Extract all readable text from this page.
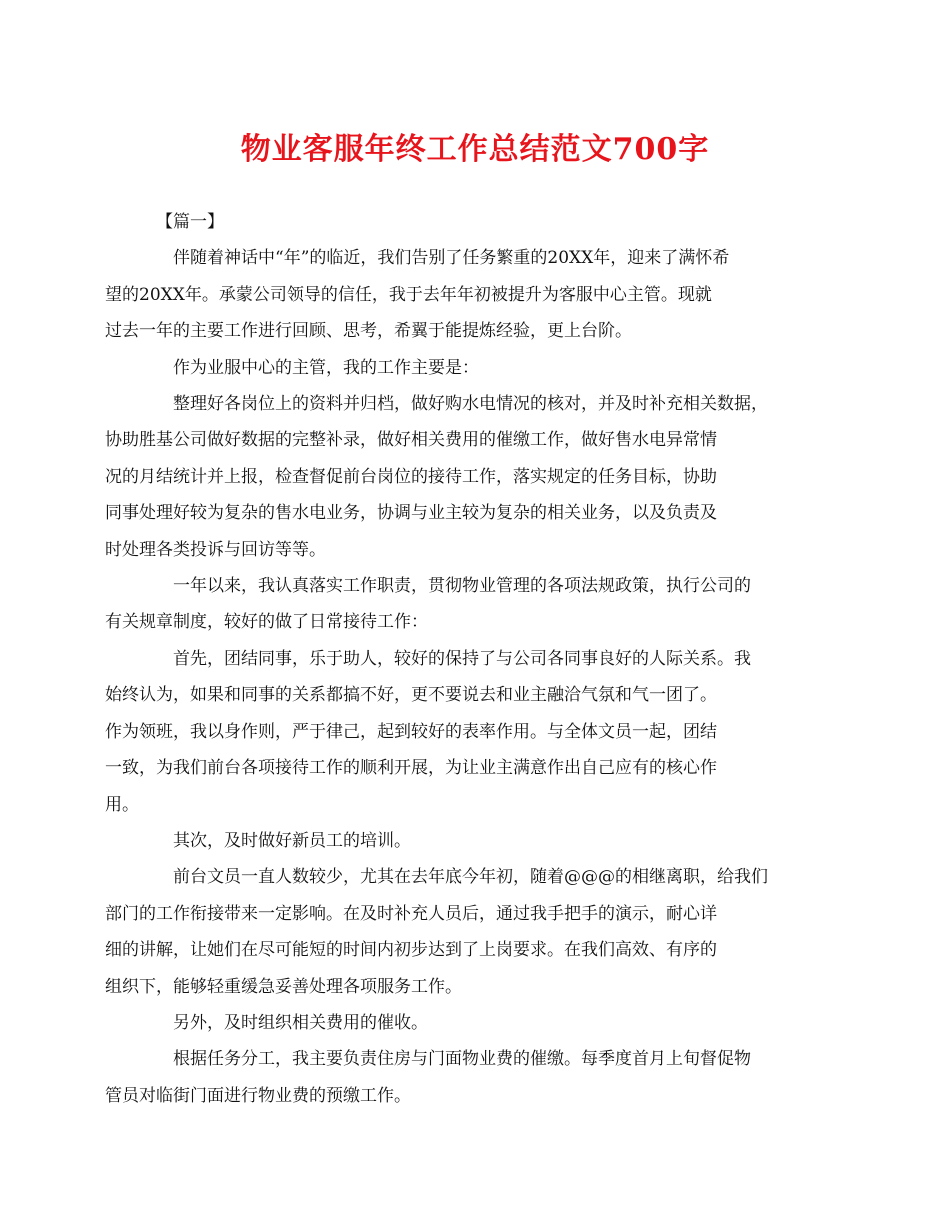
物业客服年终工作总结范文700字

【篇一】

伴随着神话中“年”的临近，我们告别了任务繁重的20XX年，迎来了满怀希
望的20XX年。承蒙公司领导的信任，我于去年年初被提升为客服中心主管。现就
过去一年的主要工作进行回顾、思考，希翼于能提炼经验，更上台阶。

作为业服中心的主管，我的工作主要是：

整理好各岗位上的资料并归档，做好购水电情况的核对，并及时补充相关数据，
协助胜基公司做好数据的完整补录，做好相关费用的催缴工作，做好售水电异常情
况的月结统计并上报，检查督促前台岗位的接待工作，落实规定的任务目标，协助
同事处理好较为复杂的售水电业务，协调与业主较为复杂的相关业务，以及负责及
时处理各类投诉与回访等等。

一年以来，我认真落实工作职责，贯彻物业管理的各项法规政策，执行公司的
有关规章制度，较好的做了日常接待工作：

首先，团结同事，乐于助人，较好的保持了与公司各同事良好的人际关系。我
始终认为，如果和同事的关系都搞不好，更不要说去和业主融洽气氛和气一团了。
作为领班，我以身作则，严于律己，起到较好的表率作用。与全体文员一起，团结
一致，为我们前台各项接待工作的顺利开展，为让业主满意作出自己应有的核心作
用。

其次，及时做好新员工的培训。

前台文员一直人数较少，尤其在去年底今年初，随着@@@的相继离职，给我们
部门的工作衔接带来一定影响。在及时补充人员后，通过我手把手的演示，耐心详
细的讲解，让她们在尽可能短的时间内初步达到了上岗要求。在我们高效、有序的
组织下，能够轻重缓急妥善处理各项服务工作。

另外，及时组织相关费用的催收。

根据任务分工，我主要负责住房与门面物业费的催缴。每季度首月上旬督促物
管员对临街门面进行物业费的预缴工作。
